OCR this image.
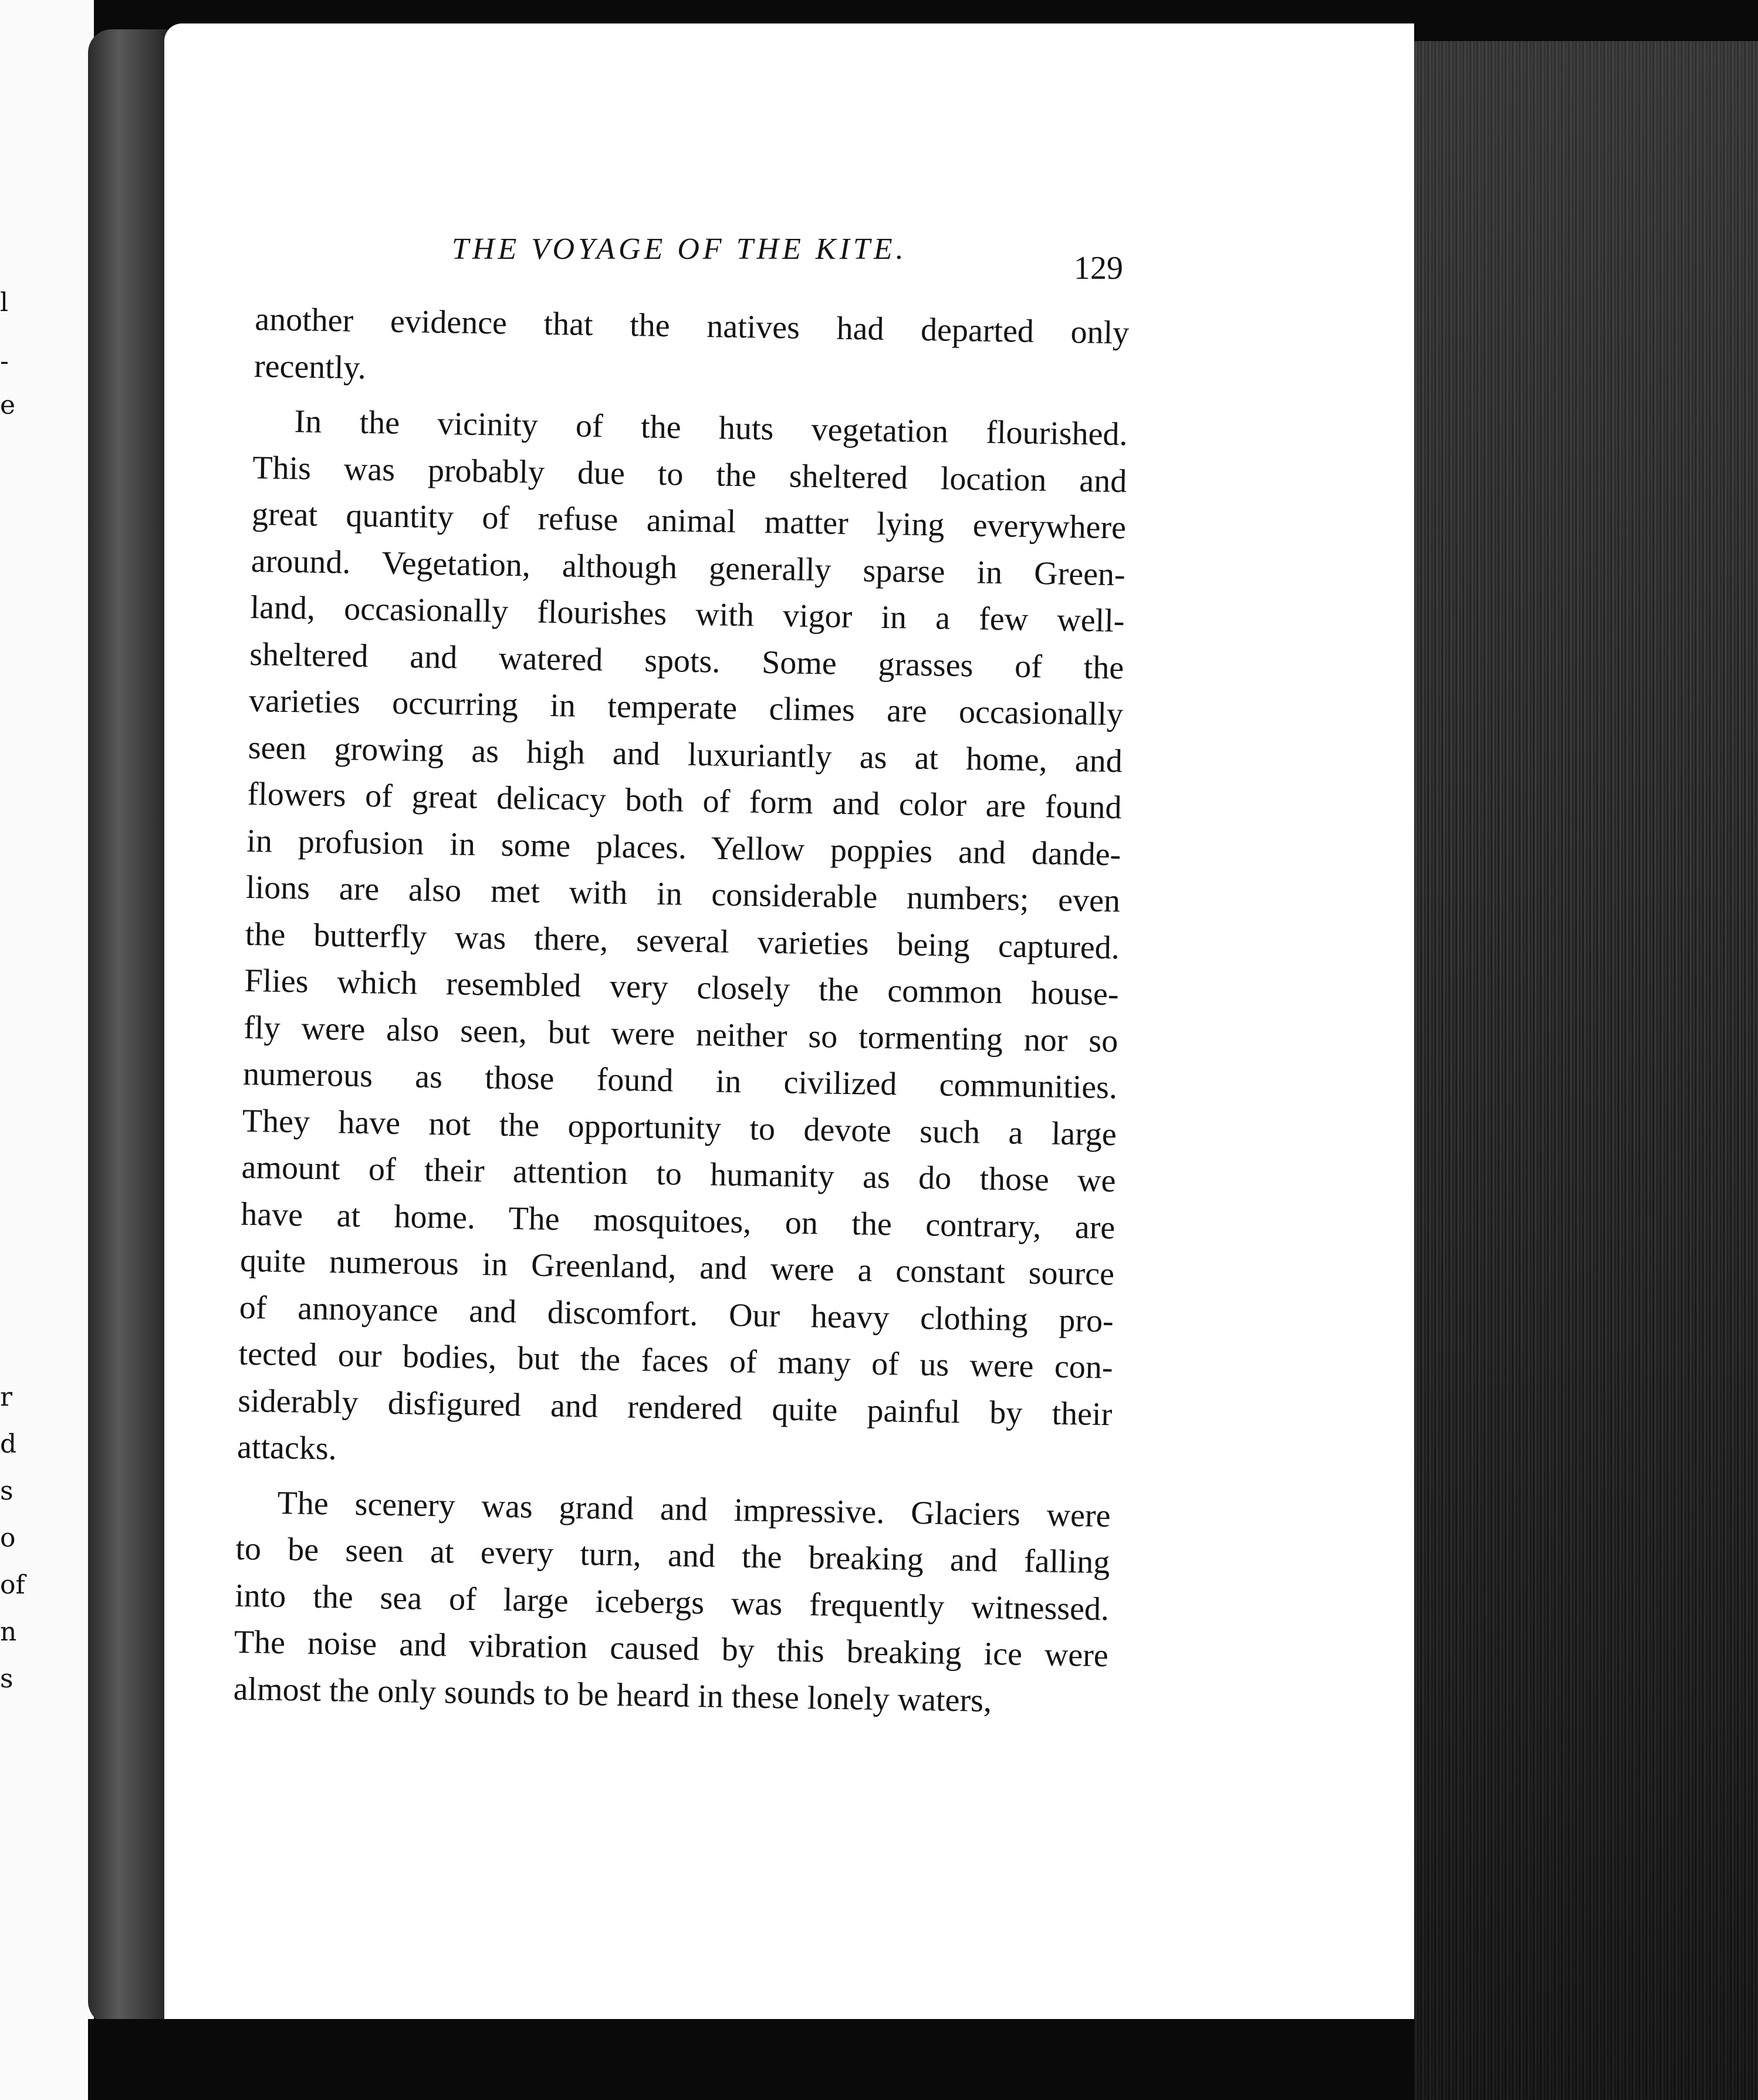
l
-
e
r
d
s
o
of
n
s
THE VOYAGE OF THE KITE.
129
another evidence that the natives had departed only
recently.
In the vicinity of the huts vegetation flourished.
This was probably due to the sheltered location and
great quantity of refuse animal matter lying everywhere
around. Vegetation, although generally sparse in Green-
land, occasionally flourishes with vigor in a few well-
sheltered and watered spots. Some grasses of the
varieties occurring in temperate climes are occasionally
seen growing as high and luxuriantly as at home, and
flowers of great delicacy both of form and color are found
in profusion in some places. Yellow poppies and dande-
lions are also met with in considerable numbers; even
the butterfly was there, several varieties being captured.
Flies which resembled very closely the common house-
fly were also seen, but were neither so tormenting nor so
numerous as those found in civilized communities.
They have not the opportunity to devote such a large
amount of their attention to humanity as do those we
have at home. The mosquitoes, on the contrary, are
quite numerous in Greenland, and were a constant source
of annoyance and discomfort. Our heavy clothing pro-
tected our bodies, but the faces of many of us were con-
siderably disfigured and rendered quite painful by their
attacks.
The scenery was grand and impressive. Glaciers were
to be seen at every turn, and the breaking and falling
into the sea of large icebergs was frequently witnessed.
The noise and vibration caused by this breaking ice were
almost the only sounds to be heard in these lonely waters,
